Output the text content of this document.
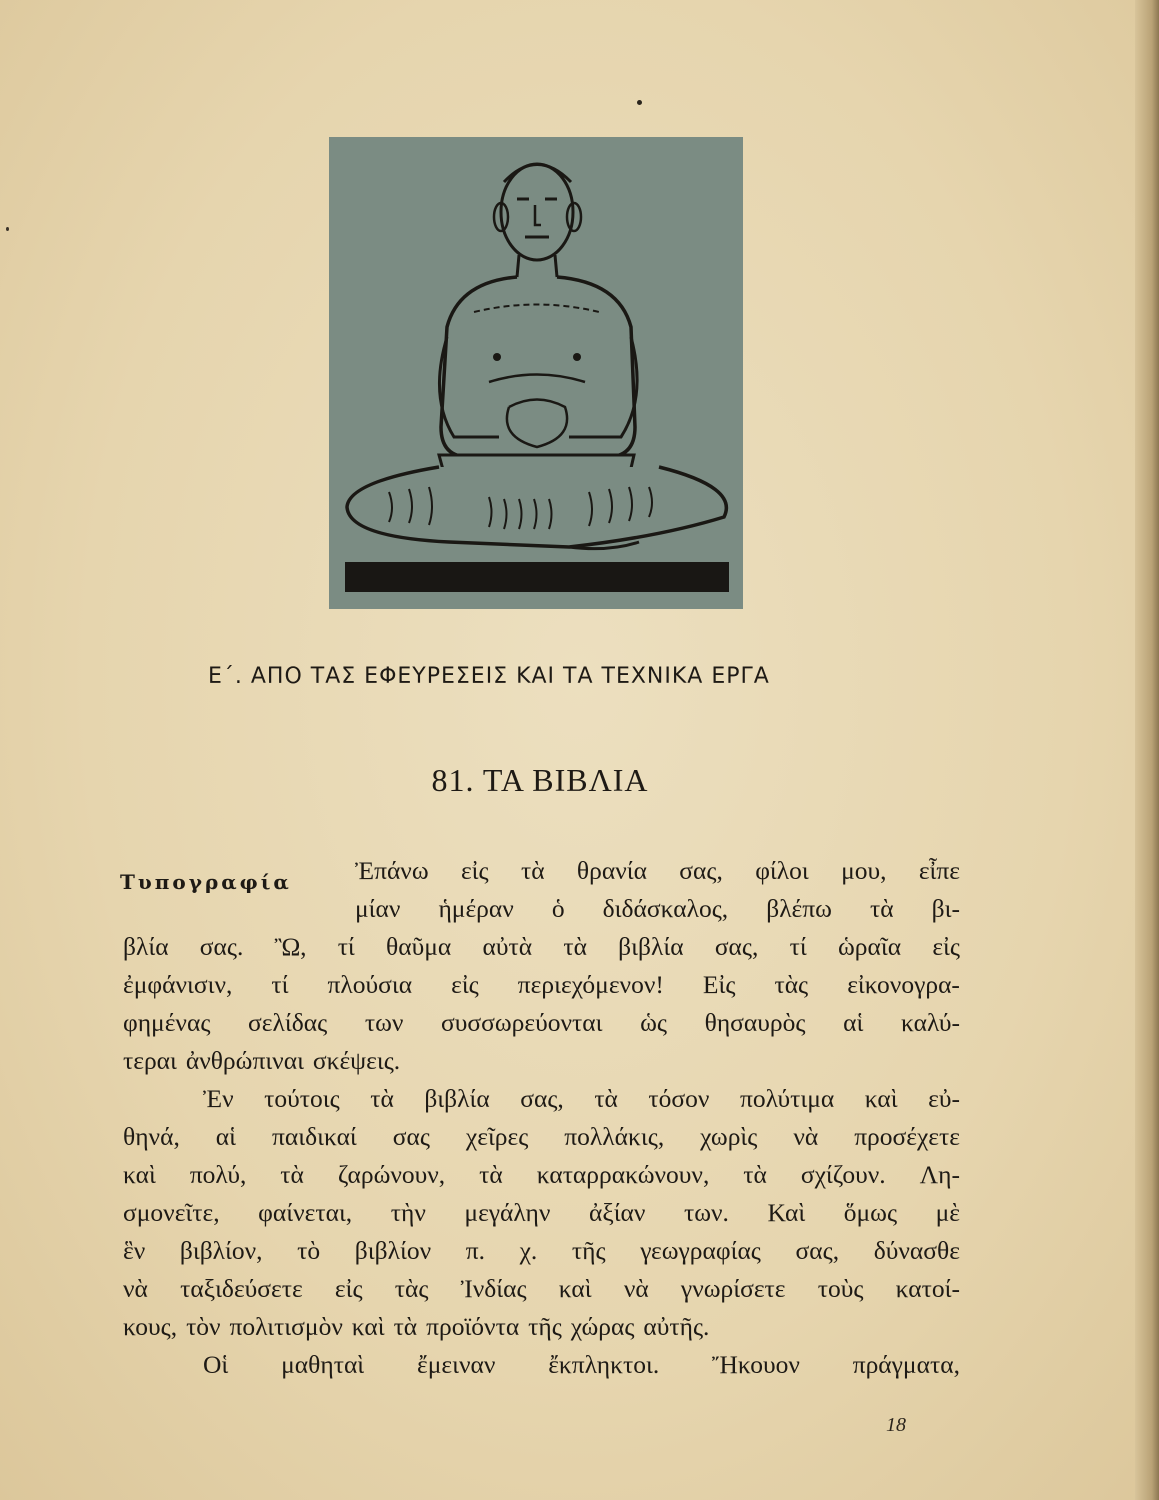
Ε΄. ΑΠΟ ΤΑΣ ΕΦΕΥΡΕΣΕΙΣ ΚΑΙ ΤΑ ΤΕΧΝΙΚΑ ΕΡΓΑ
81. ΤΑ ΒΙΒΛΙΑ
Τυπογραφία Ἐπάνω εἰς τὰ θρανία σας, φίλοι μου, εἶπε
μίαν ἡμέραν ὁ διδάσκαλος, βλέπω τὰ βι-
βλία σας. Ὢ, τί θαῦμα αὐτὰ τὰ βιβλία σας, τί ὡραῖα εἰς
ἐμφάνισιν, τί πλούσια εἰς περιεχόμενον! Εἰς τὰς εἰκονογρα-
φημένας σελίδας των συσσωρεύονται ὡς θησαυρὸς αἱ καλύ-
τεραι ἀνθρώπιναι σκέψεις.
Ἐν τούτοις τὰ βιβλία σας, τὰ τόσον πολύτιμα καὶ εὐ-
θηνά, αἱ παιδικαί σας χεῖρες πολλάκις, χωρὶς νὰ προσέχετε
καὶ πολύ, τὰ ζαρώνουν, τὰ καταρρακώνουν, τὰ σχίζουν. Λη-
σμονεῖτε, φαίνεται, τὴν μεγάλην ἀξίαν των. Καὶ ὅμως μὲ
ἓν βιβλίον, τὸ βιβλίον π. χ. τῆς γεωγραφίας σας, δύνασθε
νὰ ταξιδεύσετε εἰς τὰς Ἰνδίας καὶ νὰ γνωρίσετε τοὺς κατοί-
κους, τὸν πολιτισμὸν καὶ τὰ προϊόντα τῆς χώρας αὐτῆς.
Οἱ μαθηταὶ ἔμειναν ἔκπληκτοι. Ἤκουον πράγματα,
18
